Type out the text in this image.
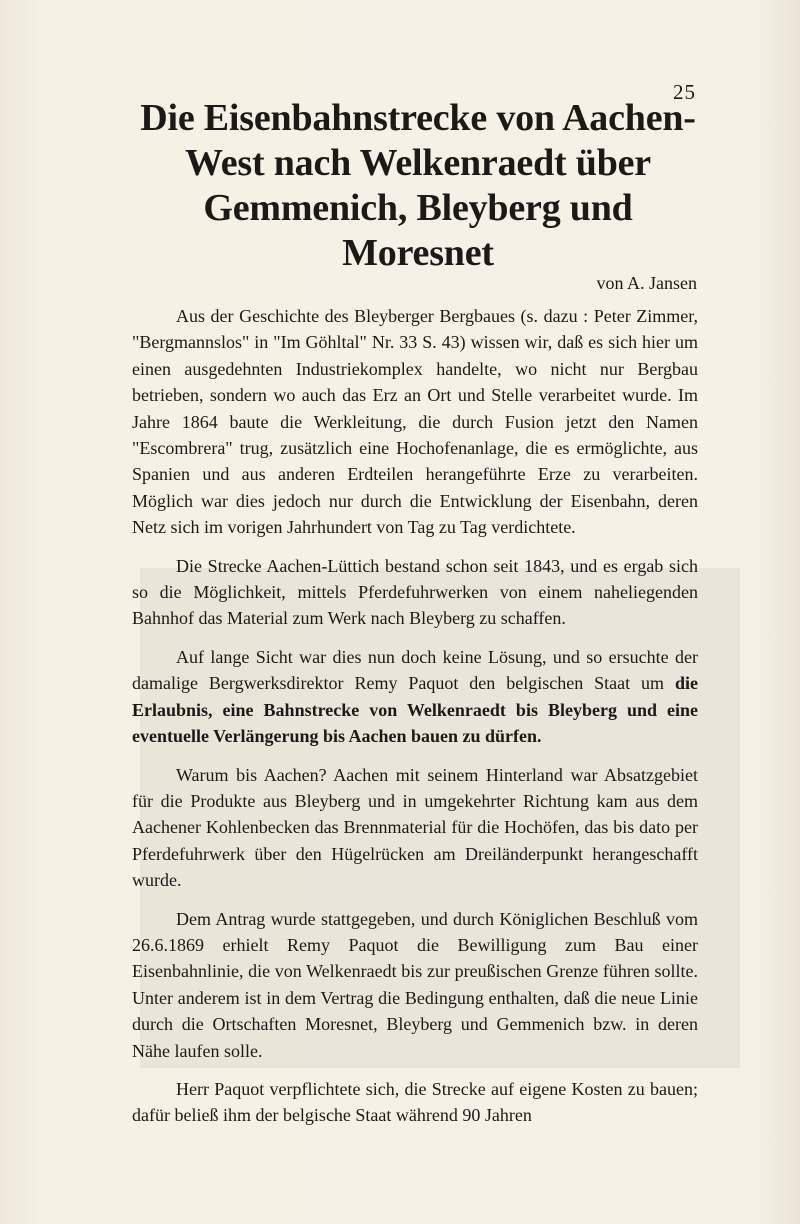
25
Die Eisenbahnstrecke von Aachen-West nach Welkenraedt über Gemmenich, Bleyberg und Moresnet
von A. Jansen

Aus der Geschichte des Bleyberger Bergbaues (s. dazu : Peter Zimmer, "Bergmannslos" in "Im Göhltal" Nr. 33 S. 43) wissen wir, daß es sich hier um einen ausgedehnten Industriekomplex handelte, wo nicht nur Bergbau betrieben, sondern wo auch das Erz an Ort und Stelle verarbeitet wurde. Im Jahre 1864 baute die Werkleitung, die durch Fusion jetzt den Namen "Escombrera" trug, zusätzlich eine Hochofenanlage, die es ermöglichte, aus Spanien und aus anderen Erdteilen herangeführte Erze zu verarbeiten. Möglich war dies jedoch nur durch die Entwicklung der Eisenbahn, deren Netz sich im vorigen Jahrhundert von Tag zu Tag verdichtete.

Die Strecke Aachen-Lüttich bestand schon seit 1843, und es ergab sich so die Möglichkeit, mittels Pferdefuhrwerken von einem naheliegenden Bahnhof das Material zum Werk nach Bleyberg zu schaffen.

Auf lange Sicht war dies nun doch keine Lösung, und so ersuchte der damalige Bergwerksdirektor Remy Paquot den belgischen Staat um die Erlaubnis, eine Bahnstrecke von Welkenraedt bis Bleyberg und eine eventuelle Verlängerung bis Aachen bauen zu dürfen.

Warum bis Aachen? Aachen mit seinem Hinterland war Absatzgebiet für die Produkte aus Bleyberg und in umgekehrter Richtung kam aus dem Aachener Kohlenbecken das Brennmaterial für die Hochöfen, das bis dato per Pferdefuhrwerk über den Hügelrücken am Dreiländerpunkt herangeschafft wurde.

Dem Antrag wurde stattgegeben, und durch Königlichen Beschluß vom 26.6.1869 erhielt Remy Paquot die Bewilligung zum Bau einer Eisenbahnlinie, die von Welkenraedt bis zur preußischen Grenze führen sollte. Unter anderem ist in dem Vertrag die Bedingung enthalten, daß die neue Linie durch die Ortschaften Moresnet, Bleyberg und Gemmenich bzw. in deren Nähe laufen solle.

Herr Paquot verpflichtete sich, die Strecke auf eigene Kosten zu bauen; dafür beließ ihm der belgische Staat während 90 Jahren
